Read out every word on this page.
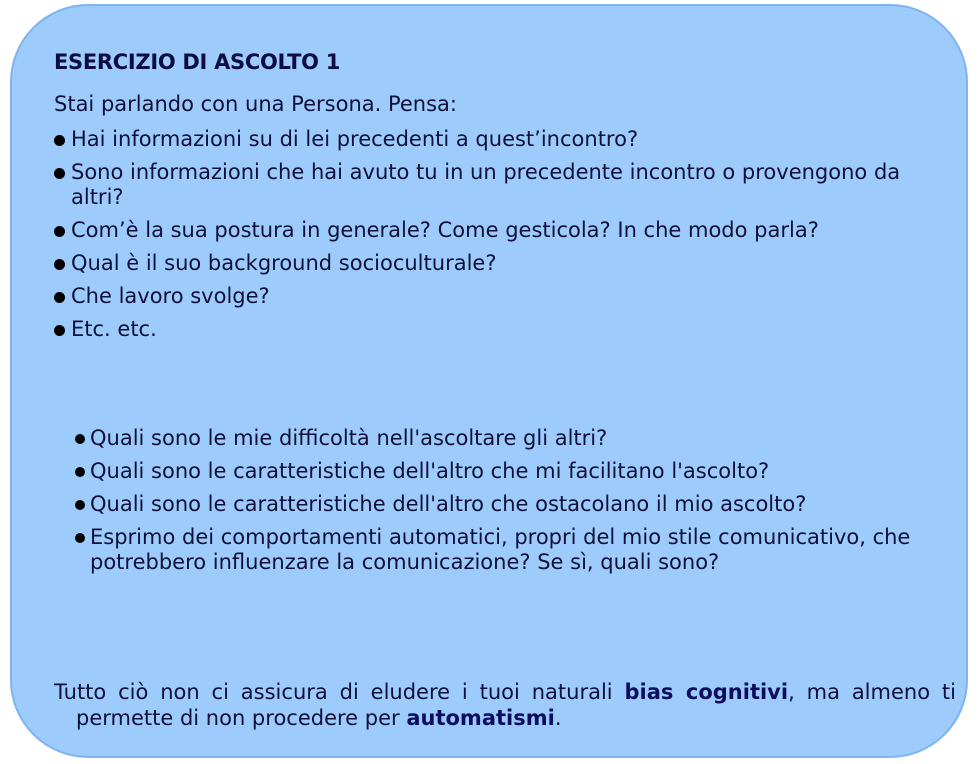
ESERCIZIO DI ASCOLTO 1

Stai parlando con una Persona. Pensa:

Hai informazioni su di lei precedenti a quest’incontro?
Sono informazioni che hai avuto tu in un precedente incontro o provengono da altri?
Com’è la sua postura in generale? Come gesticola? In che modo parla?
Qual è il suo background socioculturale?
Che lavoro svolge?
Etc. etc.
Quali sono le mie difficoltà nell'ascoltare gli altri?
Quali sono le caratteristiche dell'altro che mi facilitano l'ascolto?
Quali sono le caratteristiche dell'altro che ostacolano il mio ascolto?
Esprimo dei comportamenti automatici, propri del mio stile comunicativo, che potrebbero influenzare la comunicazione? Se sì, quali sono?

Tutto ciò non ci assicura di eludere i tuoi naturali bias cognitivi, ma almeno ti permette di non procedere per automatismi.
